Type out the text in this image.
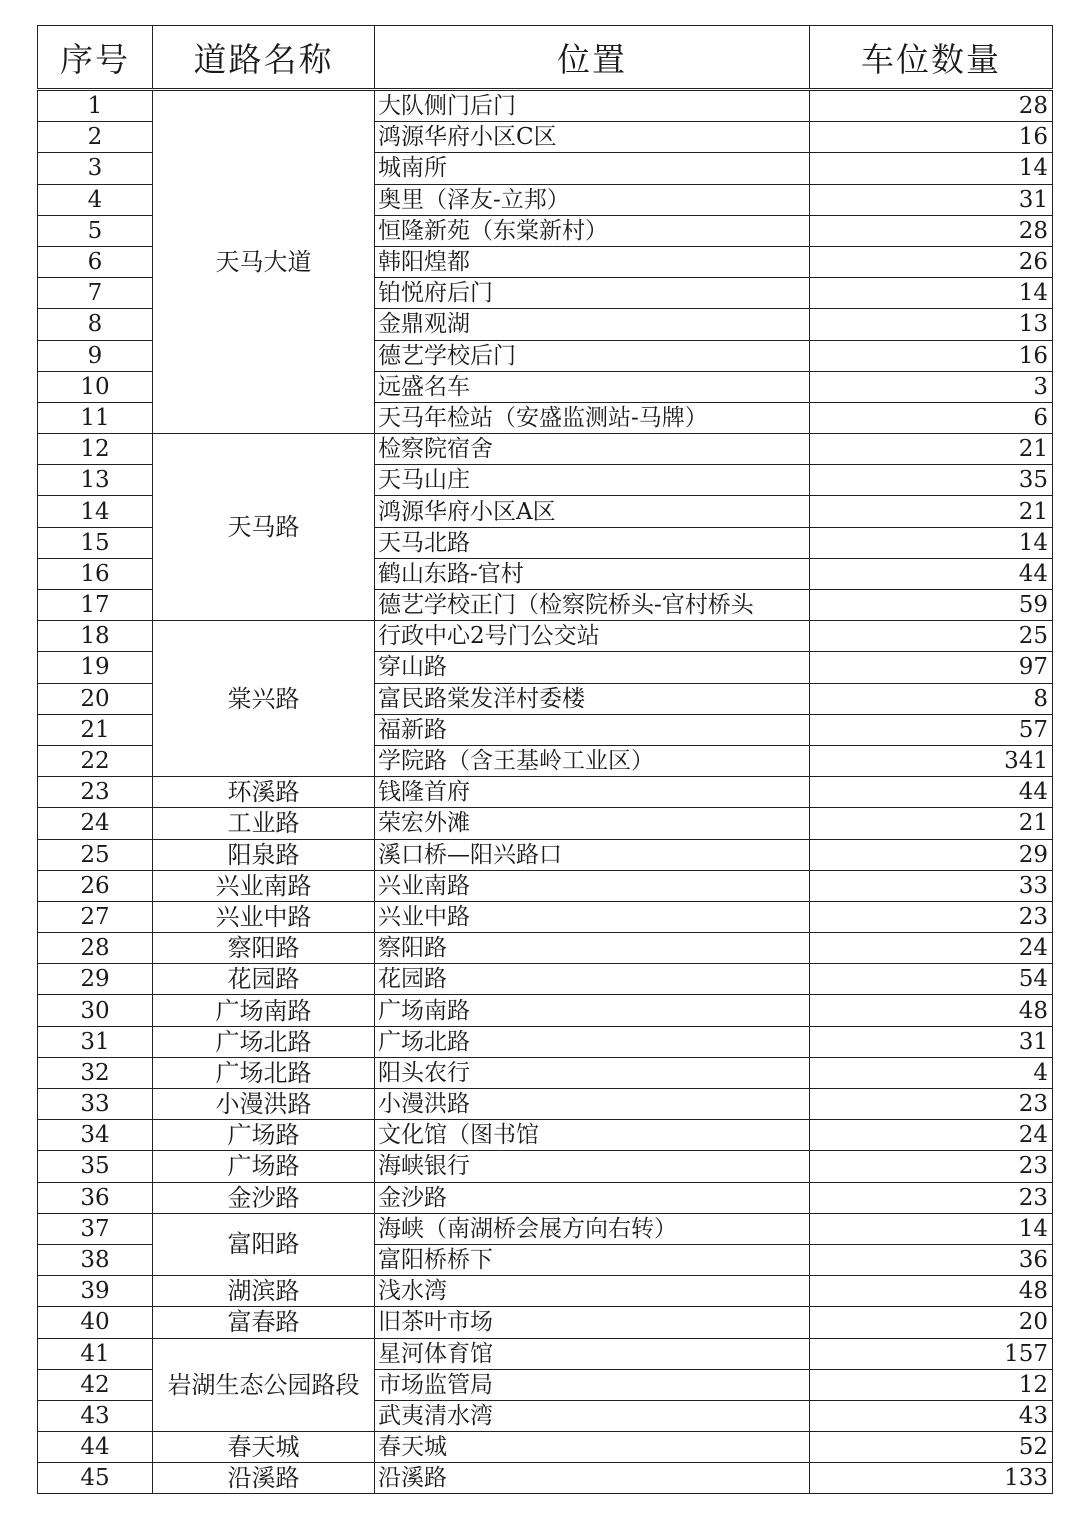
序号	道路名称	位置	车位数量
1	天马大道	大队侧门后门	28
2		鸿源华府小区C区	16
3		城南所	14
4		奥里（泽友-立邦）	31
5		恒隆新苑（东棠新村）	28
6		韩阳煌都	26
7		铂悦府后门	14
8		金鼎观湖	13
9		德艺学校后门	16
10		远盛名车	3
11		天马年检站（安盛监测站-马牌）	6
12	天马路	检察院宿舍	21
13		天马山庄	35
14		鸿源华府小区A区	21
15		天马北路	14
16		鹤山东路-官村	44
17		德艺学校正门（检察院桥头-官村桥头	59
18	棠兴路	行政中心2号门公交站	25
19		穿山路	97
20		富民路棠发洋村委楼	8
21		福新路	57
22		学院路（含王基岭工业区）	341
23	环溪路	钱隆首府	44
24	工业路	荣宏外滩	21
25	阳泉路	溪口桥—阳兴路口	29
26	兴业南路	兴业南路	33
27	兴业中路	兴业中路	23
28	察阳路	察阳路	24
29	花园路	花园路	54
30	广场南路	广场南路	48
31	广场北路	广场北路	31
32	广场北路	阳头农行	4
33	小漫洪路	小漫洪路	23
34	广场路	文化馆（图书馆	24
35	广场路	海峡银行	23
36	金沙路	金沙路	23
37	富阳路	海峡（南湖桥会展方向右转）	14
38		富阳桥桥下	36
39	湖滨路	浅水湾	48
40	富春路	旧茶叶市场	20
41	岩湖生态公园路段	星河体育馆	157
42		市场监管局	12
43		武夷清水湾	43
44	春天城	春天城	52
45	沿溪路	沿溪路	133
